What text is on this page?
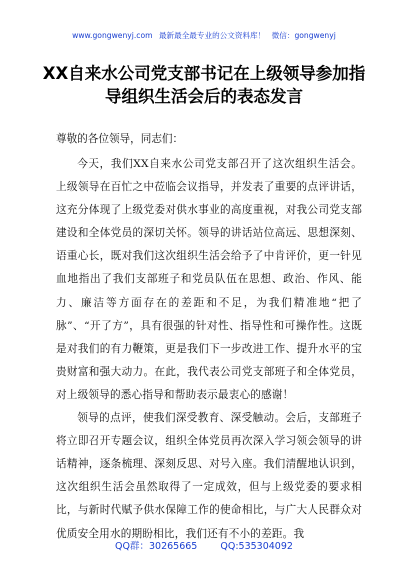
www.gongwenyj.com 最新最全最专业的公文资料库！ 微信：gongwenyj
XX自来水公司党支部书记在上级领导参加指导组织生活会后的表态发言

尊敬的各位领导，同志们：

今天，我们XX自来水公司党支部召开了这次组织生活会。上级领导在百忙之中莅临会议指导，并发表了重要的点评讲话，这充分体现了上级党委对供水事业的高度重视，对我公司党支部建设和全体党员的深切关怀。领导的讲话站位高远、思想深刻、语重心长，既对我们这次组织生活会给予了中肯评价，更一针见血地指出了我们支部班子和党员队伍在思想、政治、作风、能力、廉洁等方面存在的差距和不足，为我们精准地“把了脉”、“开了方”，具有很强的针对性、指导性和可操作性。这既是对我们的有力鞭策，更是我们下一步改进工作、提升水平的宝贵财富和强大动力。在此，我代表公司党支部班子和全体党员，对上级领导的悉心指导和帮助表示最衷心的感谢！

领导的点评，使我们深受教育、深受触动。会后，支部班子将立即召开专题会议，组织全体党员再次深入学习领会领导的讲话精神，逐条梳理、深刻反思、对号入座。我们清醒地认识到，这次组织生活会虽然取得了一定成效，但与上级党委的要求相比，与新时代赋予供水保障工作的使命相比，与广大人民群众对优质安全用水的期盼相比，我们还有不小的差距。我

QQ群：30265665 QQ:535304092
